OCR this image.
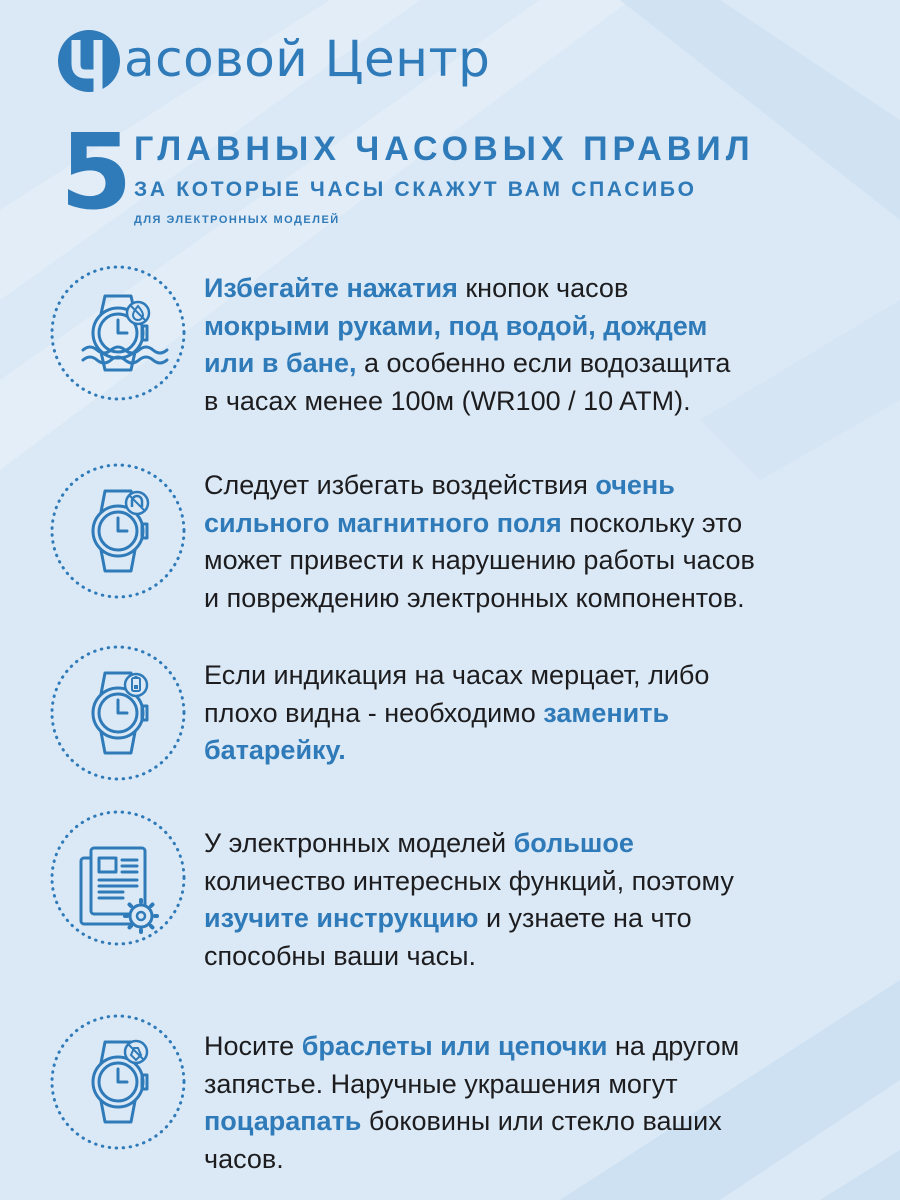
асовой Центр
5 ГЛАВНЫХ ЧАСОВЫХ ПРАВИЛ
ЗА КОТОРЫЕ ЧАСЫ СКАЖУТ ВАМ СПАСИБО
ДЛЯ ЭЛЕКТРОННЫХ МОДЕЛЕЙ
Избегайте нажатия кнопок часов
мокрыми руками, под водой, дождем
или в бане, а особенно если водозащита
в часах менее 100м (WR100 / 10 ATM).
Следует избегать воздействия очень
сильного магнитного поля поскольку это
может привести к нарушению работы часов
и повреждению электронных компонентов.
Если индикация на часах мерцает, либо
плохо видна - необходимо заменить
батарейку.
У электронных моделей большое
количество интересных функций, поэтому
изучите инструкцию и узнаете на что
способны ваши часы.
Носите браслеты или цепочки на другом
запястье. Наручные украшения могут
поцарапать боковины или стекло ваших
часов.
